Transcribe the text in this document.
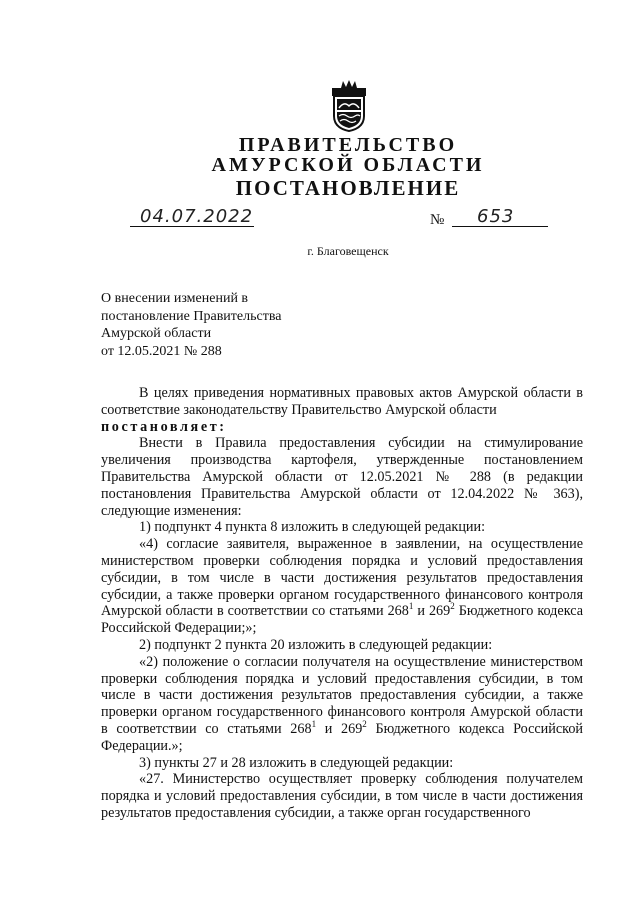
ПРАВИТЕЛЬСТВО
АМУРСКОЙ ОБЛАСТИ
ПОСТАНОВЛЕНИЕ
04.07.2022	№ 653
г. Благовещенск
О внесении изменений в
постановление Правительства
Амурской области
от 12.05.2021 № 288

В целях приведения нормативных правовых актов Амурской области в соответствие законодательству Правительство Амурской области

постановляет:

Внести в Правила предоставления субсидии на стимулирование увеличения производства картофеля, утвержденные постановлением Правительства Амурской области от 12.05.2021 № 288 (в редакции постановления Правительства Амурской области от 12.04.2022 № 363), следующие изменения:

1) подпункт 4 пункта 8 изложить в следующей редакции:

«4) согласие заявителя, выраженное в заявлении, на осуществление министерством проверки соблюдения порядка и условий предоставления субсидии, в том числе в части достижения результатов предоставления субсидии, а также проверки органом государственного финансового контроля Амурской области в соответствии со статьями $268^1$ и $269^2$ Бюджетного кодекса Российской Федерации;»;

2) подпункт 2 пункта 20 изложить в следующей редакции:

«2) положение о согласии получателя на осуществление министерством проверки соблюдения порядка и условий предоставления субсидии, в том числе в части достижения результатов предоставления субсидии, а также проверки органом государственного финансового контроля Амурской области в соответствии со статьями $268^1$ и $269^2$ Бюджетного кодекса Российской Федерации.»;

3) пункты 27 и 28 изложить в следующей редакции:

«27. Министерство осуществляет проверку соблюдения получателем порядка и условий предоставления субсидии, в том числе в части достижения результатов предоставления субсидии, а также орган государственного
